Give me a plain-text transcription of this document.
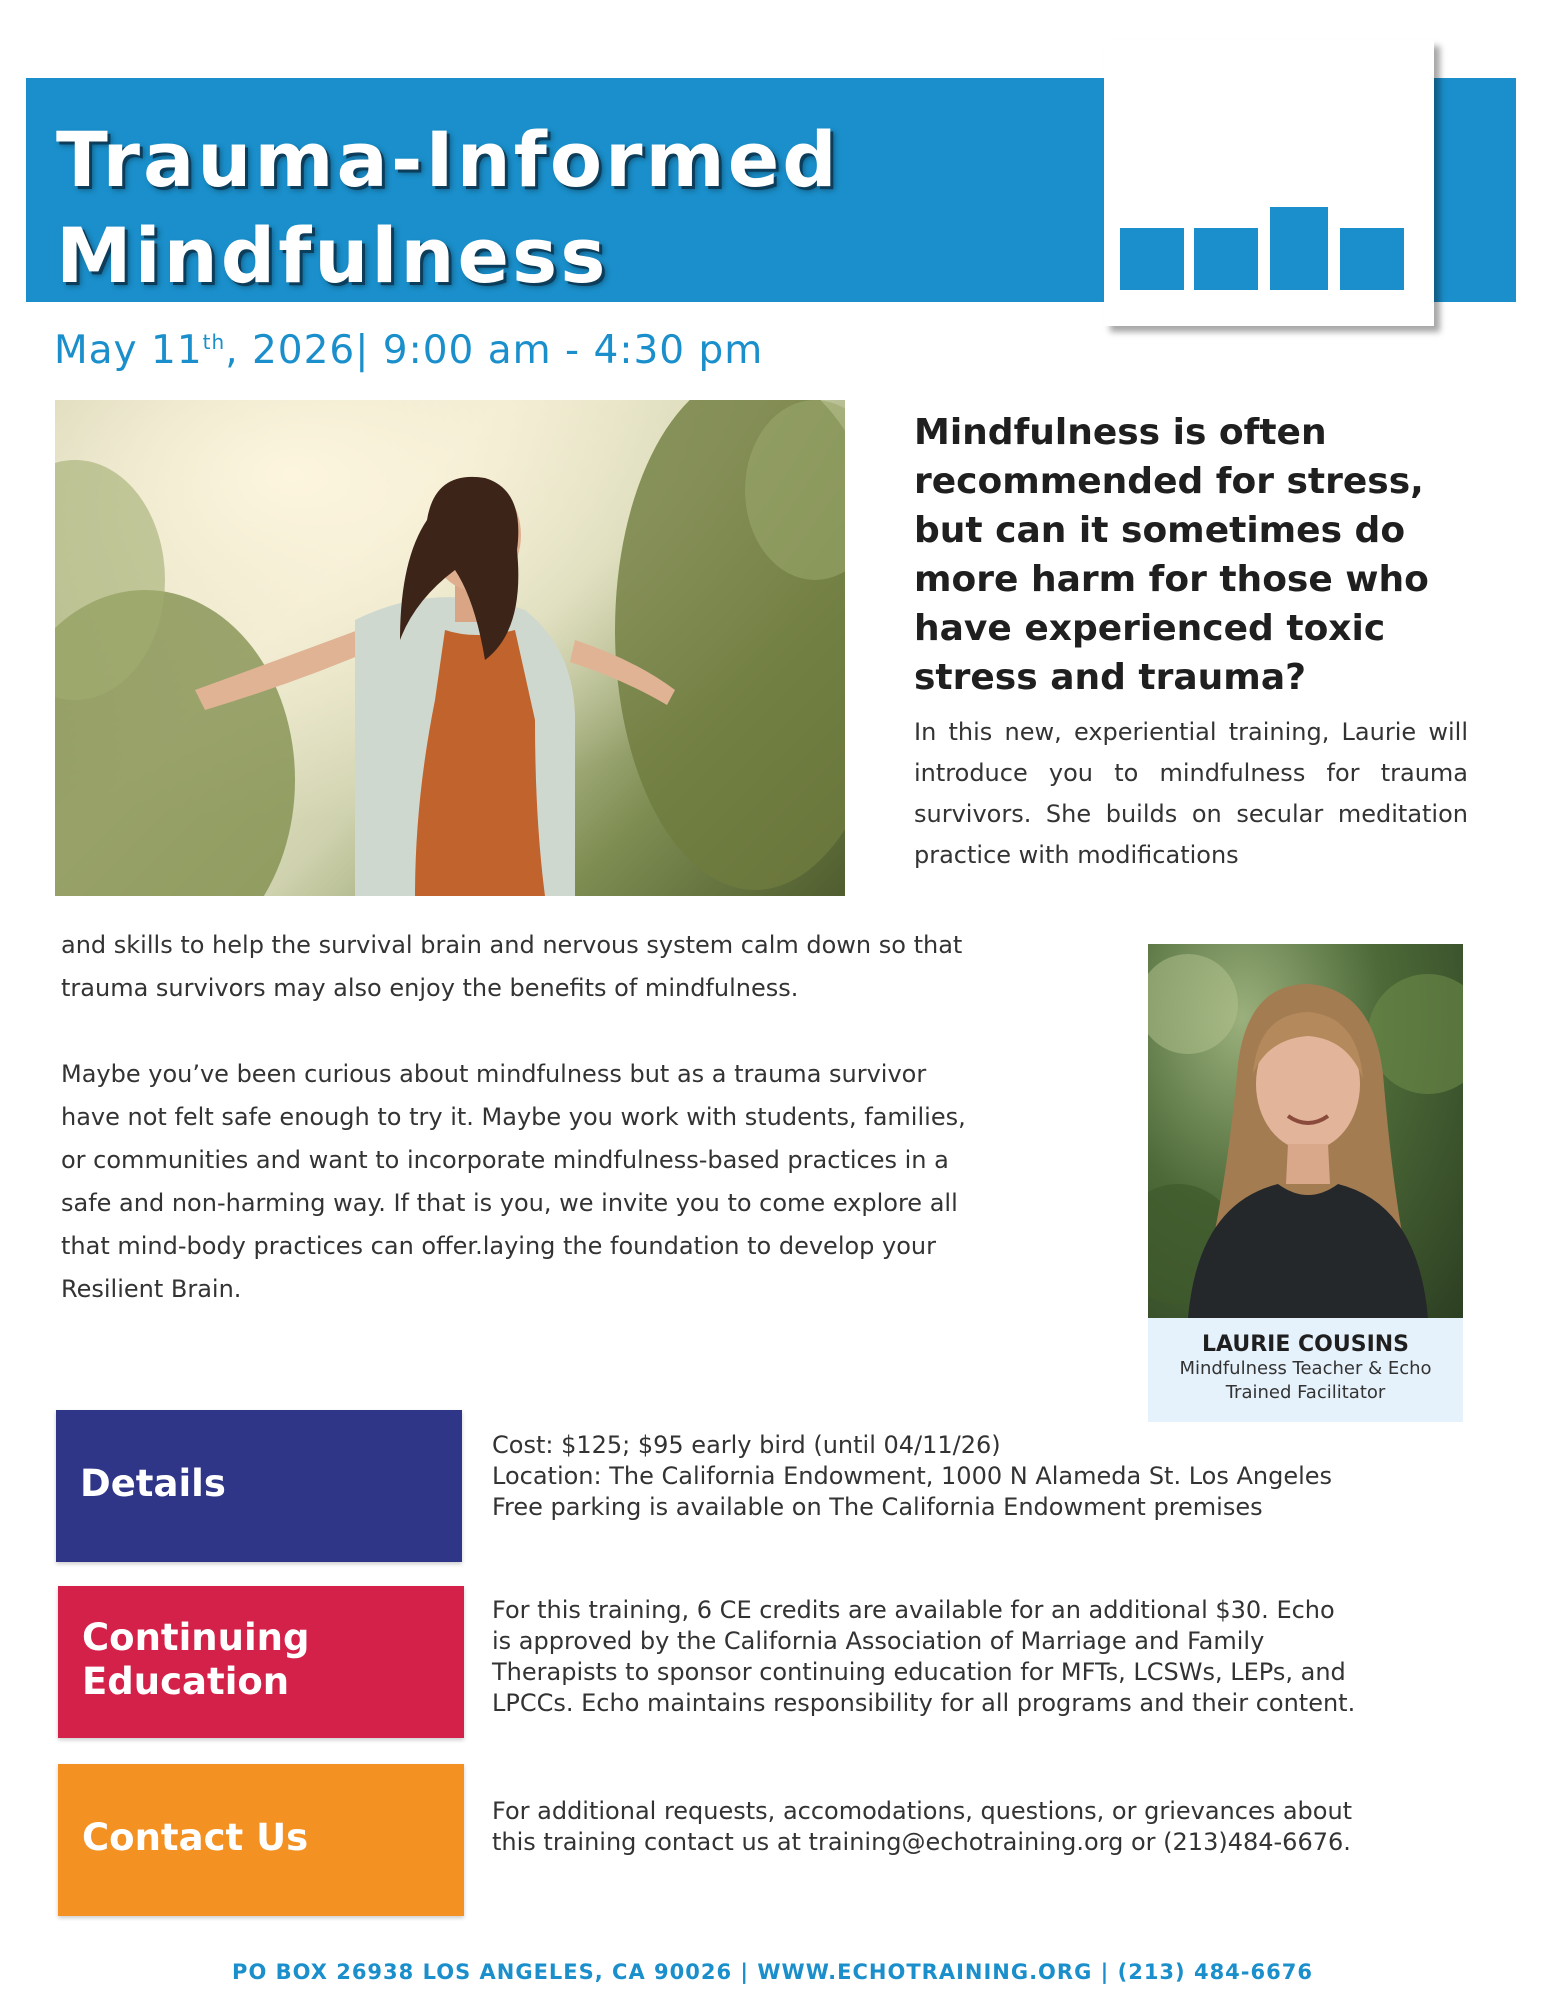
Trauma-Informed
Mindfulness
May 11th, 2026| 9:00 am - 4:30 pm
Mindfulness is often
recommended for stress,
but can it sometimes do
more harm for those who
have experienced toxic
stress and trauma?
In this new, experiential training, Laurie will introduce you to mindfulness for trauma survivors. She builds on secular meditation practice with modifications

and skills to help the survival brain and nervous system calm down so that
trauma survivors may also enjoy the benefits of mindfulness.

Maybe you’ve been curious about mindfulness but as a trauma survivor
have not felt safe enough to try it. Maybe you work with students, families,
or communities and want to incorporate mindfulness-based practices in a
safe and non-harming way. If that is you, we invite you to come explore all
that mind-body practices can offer.laying the foundation to develop your
Resilient Brain.

LAURIE COUSINS
Mindfulness Teacher & Echo
Trained Facilitator
Details
Cost: $125; $95 early bird (until 04/11/26)
Location: The California Endowment, 1000 N Alameda St. Los Angeles
Free parking is available on The California Endowment premises
Continuing
Education
For this training, 6 CE credits are available for an additional $30. Echo
is approved by the California Association of Marriage and Family
Therapists to sponsor continuing education for MFTs, LCSWs, LEPs, and
LPCCs. Echo maintains responsibility for all programs and their content.
Contact Us
For additional requests, accomodations, questions, or grievances about
this training contact us at training@echotraining.org or (213)484-6676.
PO BOX 26938 LOS ANGELES, CA 90026 | WWW.ECHOTRAINING.ORG | (213) 484-6676
